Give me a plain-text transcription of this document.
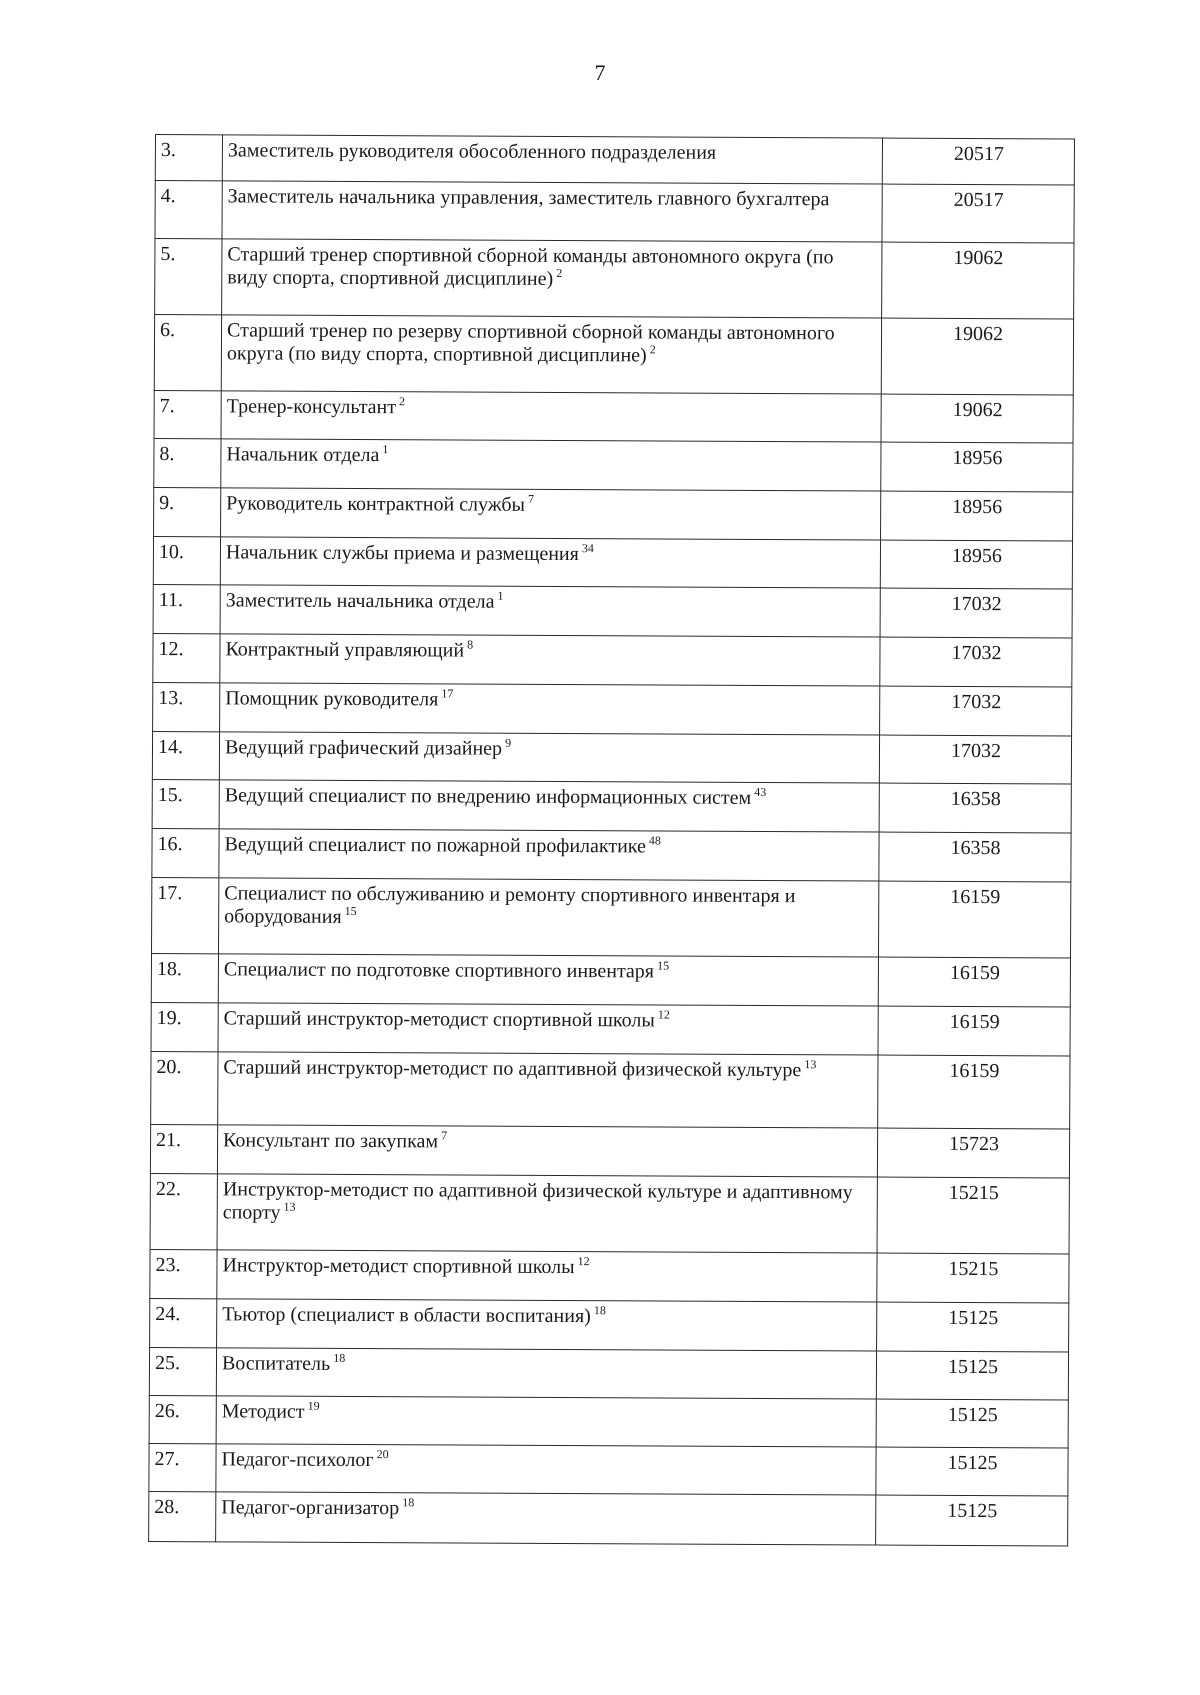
7
3.	Заместитель руководителя обособленного подразделения	20517
4.	Заместитель начальника управления, заместитель главного бухгалтера	20517
5.	Старший тренер спортивной сборной команды автономного округа (по виду спорта, спортивной дисциплине) $^2$	19062
6.	Старший тренер по резерву спортивной сборной команды автономного округа (по виду спорта, спортивной дисциплине) $^2$	19062
7.	Тренер-консультант $^2$	19062
8.	Начальник отдела $^1$	18956
9.	Руководитель контрактной службы $^7$	18956
10.	Начальник службы приема и размещения $^{34}$	18956
11.	Заместитель начальника отдела $^1$	17032
12.	Контрактный управляющий $^8$	17032
13.	Помощник руководителя $^{17}$	17032
14.	Ведущий графический дизайнер $^9$	17032
15.	Ведущий специалист по внедрению информационных систем $^{43}$	16358
16.	Ведущий специалист по пожарной профилактике $^{48}$	16358
17.	Специалист по обслуживанию и ремонту спортивного инвентаря и оборудования $^{15}$	16159
18.	Специалист по подготовке спортивного инвентаря $^{15}$	16159
19.	Старший инструктор-методист спортивной школы $^{12}$	16159
20.	Старший инструктор-методист по адаптивной физической культуре $^{13}$	16159
21.	Консультант по закупкам $^7$	15723
22.	Инструктор-методист по адаптивной физической культуре и адаптивному спорту $^{13}$	15215
23.	Инструктор-методист спортивной школы $^{12}$	15215
24.	Тьютор (специалист в области воспитания) $^{18}$	15125
25.	Воспитатель $^{18}$	15125
26.	Методист $^{19}$	15125
27.	Педагог-психолог $^{20}$	15125
28.	Педагог-организатор $^{18}$	15125
